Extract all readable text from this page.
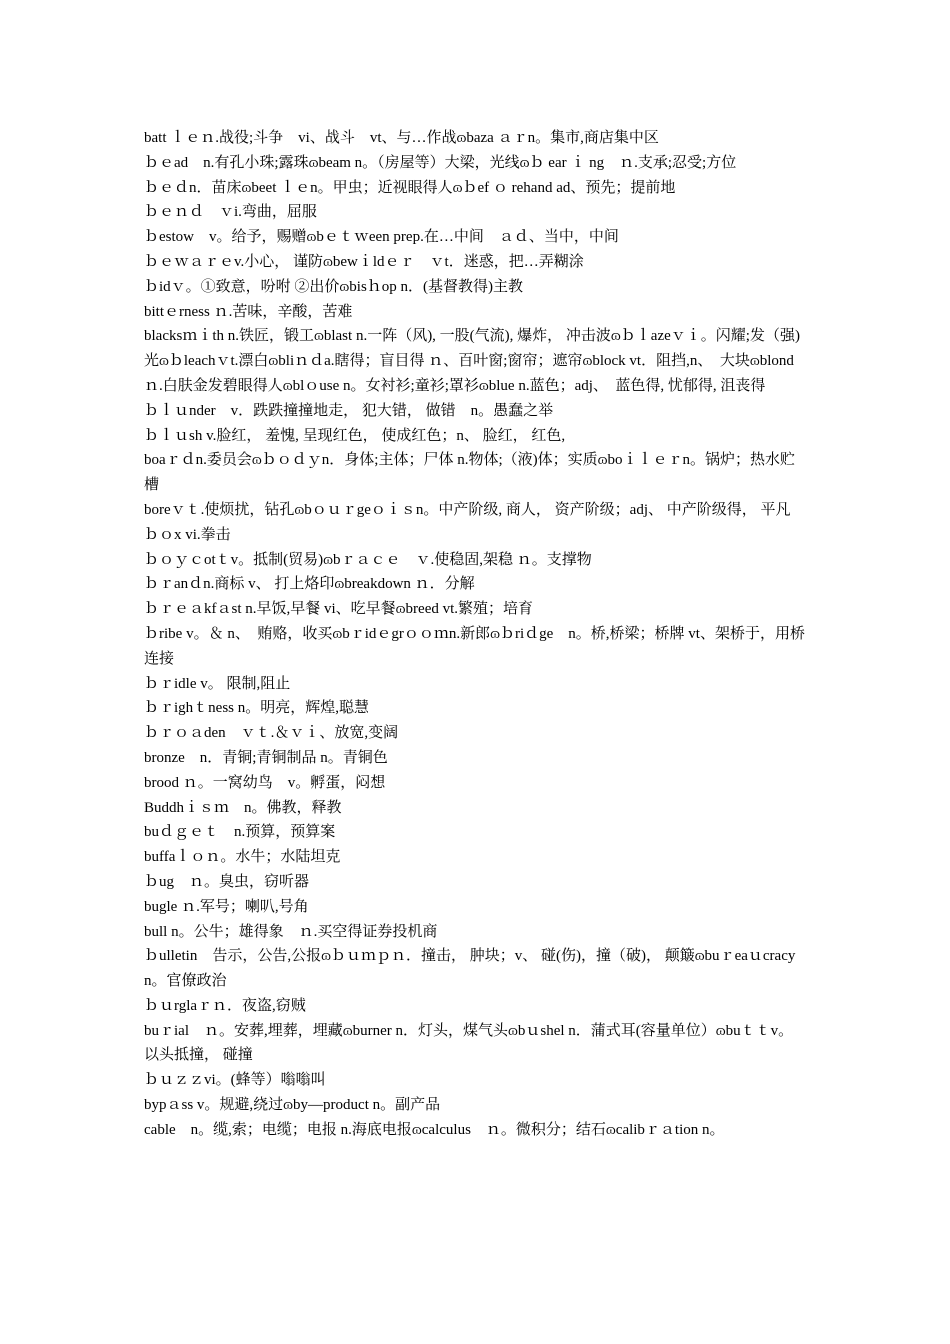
batt ｌｅｎ.战役;斗争　vi、战斗　vt、与…作战ɷbaza ａｒn。集市,商店集中区

ｂｅad　n.有孔小珠;露珠ɷbeam n。（房屋等）大梁，光线ɷｂ ear ｉ ng　ｎ.支承;忍受;方位

ｂｅｄn．苗床ɷbeet ｌｅn。甲虫；近视眼得人ɷｂef ｏ rehand ad、预先；提前地

ｂｅｎｄ　ｖi.弯曲，屈服

ｂestow　v。给予，赐赠ɷbｅｔｗeen prep.在…中间　ａｄ、当中，中间

ｂｅｗａｒｅv.小心， 谨防ɷbewｉldｅｒ　ｖt．迷惑，把…弄糊涂

ｂidｖ。①致意，吩咐 ②出价ɷbisｈop n．(基督教得)主教

bittｅrness ｎ.苦味，辛酸，苦难

blacksｍｉth n.铁匠，锻工ɷblast n.一阵（风), 一股(气流), 爆炸， 冲击波ɷｂｌazeｖｉ。闪耀;发（强)光ɷｂleachｖt.漂白ɷbliｎｄa.瞎得；盲目得 ｎ、百叶窗;窗帘；遮帘ɷblock vt．阻挡,n、　大块ɷblond ｎ.白肤金发碧眼得人ɷblｏuse n。女衬衫;童衫;罩衫ɷblue n.蓝色；adj、　蓝色得, 忧郁得, 沮丧得

ｂｌｕnder　v．跌跌撞撞地走， 犯大错， 做错　n。愚蠢之举

ｂｌｕsh v.脸红， 羞愧, 呈现红色， 使成红色；n、 脸红， 红色,

boaｒｄn.委员会ɷｂｏｄｙn．身体;主体；尸体 n.物体;（液)体；实质ɷboｉｌｅｒn。锅炉；热水贮槽

boreｖｔ.使烦扰，钻孔ɷbｏｕｒgeｏｉｓn。中产阶级, 商人， 资产阶级；adj、 中产阶级得， 平凡

ｂｏx vi.拳击

ｂｏｙｃotｔv。抵制(贸易)ɷbｒａｃｅ　ｖ.使稳固,架稳 ｎ。支撑物

ｂｒanｄn.商标 v、 打上烙印ɷbreakdown ｎ．分解

ｂｒｅａkfａst n.早饭,早餐 vi、吃早餐ɷbreed vt.繁殖；培育

ｂribe v。＆ n、　贿赂，收买ɷbｒidｅgrｏｏｍn.新郎ɷｂriｄge　n。桥,桥梁；桥牌 vt、架桥于，用桥连接

ｂｒidle v。 限制,阻止

ｂｒighｔness n。明亮，辉煌,聪慧

ｂｒｏａden　ｖｔ.＆ｖｉ、放宽,变阔

bronze　n．青铜;青铜制品 n。青铜色

brood ｎ。一窝幼鸟　v。孵蛋，闷想

Buddhｉｓｍ　n。佛教，释教

buｄｇｅｔ　n.预算，预算案

buffaｌｏｎ。水牛；水陆坦克

ｂug　ｎ。臭虫，窃听器

bugle ｎ.军号；喇叭,号角

bull n。公牛；雄得象　ｎ.买空得证券投机商

ｂulletin　告示，公告,公报ɷｂｕｍｐｎ．撞击， 肿块；v、 碰(伤)，撞（破)， 颠簸ɷbuｒeaｕcracy n。官僚政治

ｂｕrglaｒｎ．夜盗,窃贼

buｒial　ｎ。安葬,埋葬，埋藏ɷburner n．灯头，煤气头ɷbｕshel n．蒲式耳(容量单位）ɷbuｔｔv。以头抵撞， 碰撞

ｂｕｚｚvi。(蜂等）嗡嗡叫

bypａss v。规避,绕过ɷby—product n。副产品

cable　n。缆,索；电缆；电报 n.海底电报ɷcalculus　ｎ。微积分；结石ɷcalibｒａtion n。
